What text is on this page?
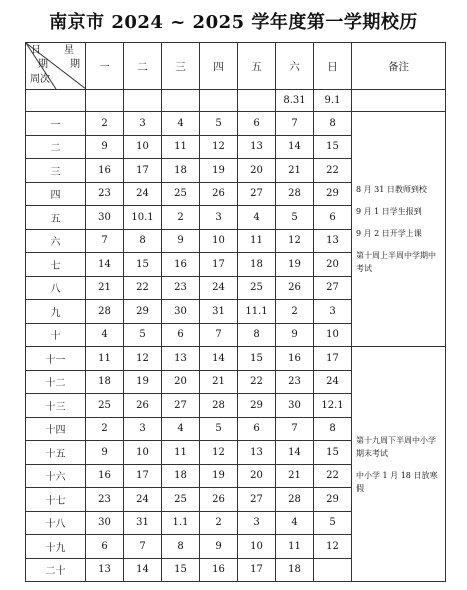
南京市 2024 ~ 2025 学年度第一学期校历
日 星
期 期
周次	一	二	三	四	五	六	日	备注
						8.31	9.1	
一	2	3	4	5	6	7	8	8 月 31 日教师到校

9 月 1 日学生报到

9 月 2 日开学上课

第十周上半周中学期中考试

二	9	10	11	12	13	14	15	
三	16	17	18	19	20	21	22	
四	23	24	25	26	27	28	29	
五	30	10.1	2	3	4	5	6	
六	7	8	9	10	11	12	13	
七	14	15	16	17	18	19	20	
八	21	22	23	24	25	26	27	
九	28	29	30	31	11.1	2	3	
十	4	5	6	7	8	9	10	
十一	11	12	13	14	15	16	17	第十九周下半周中小学期末考试

中小学 1 月 18 日放寒假

十二	18	19	20	21	22	23	24	
十三	25	26	27	28	29	30	12.1	
十四	2	3	4	5	6	7	8	
十五	9	10	11	12	13	14	15	
十六	16	17	18	19	20	21	22	
十七	23	24	25	26	27	28	29	
十八	30	31	1.1	2	3	4	5	
十九	6	7	8	9	10	11	12	
二十	13	14	15	16	17	18		
